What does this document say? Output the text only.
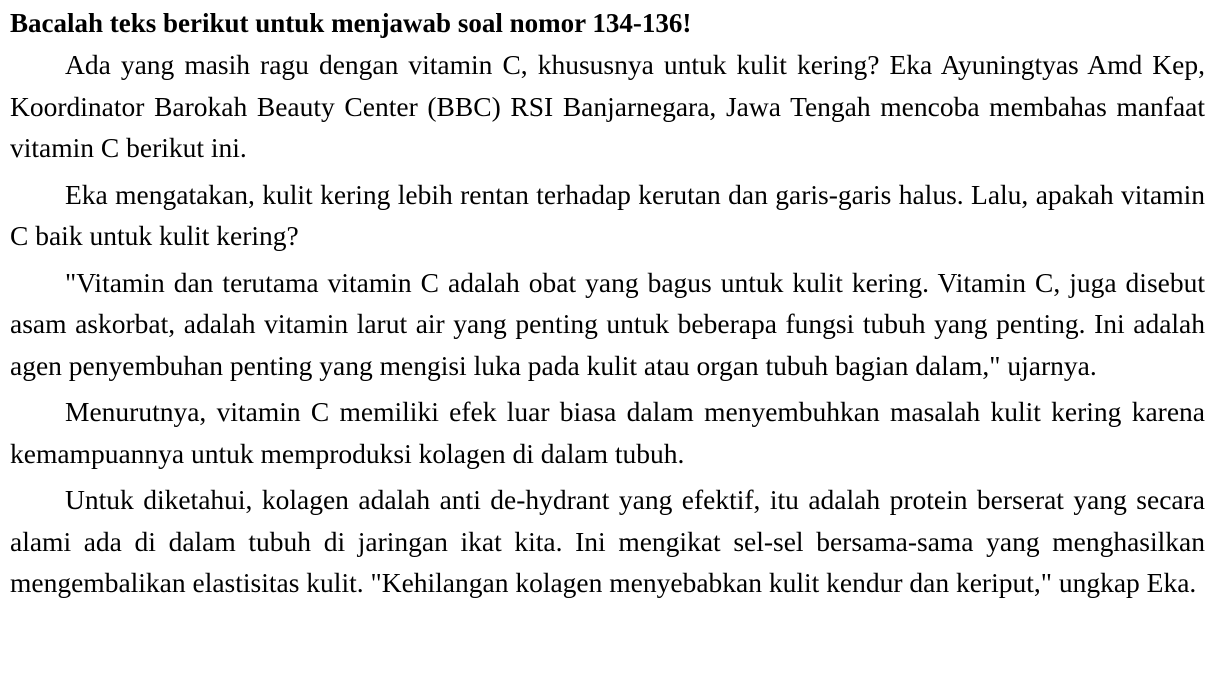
Bacalah teks berikut untuk menjawab soal nomor 134-136!

Ada yang masih ragu dengan vitamin C, khususnya untuk kulit kering? Eka Ayuningtyas Amd Kep, Koordinator Barokah Beauty Center (BBC) RSI Banjarnegara, Jawa Tengah mencoba membahas manfaat vitamin C berikut ini.

Eka mengatakan, kulit kering lebih rentan terhadap kerutan dan garis-garis halus. Lalu, apakah vitamin C baik untuk kulit kering?

"Vitamin dan terutama vitamin C adalah obat yang bagus untuk kulit kering. Vitamin C, juga disebut asam askorbat, adalah vitamin larut air yang penting untuk beberapa fungsi tubuh yang penting. Ini adalah agen penyembuhan penting yang mengisi luka pada kulit atau organ tubuh bagian dalam," ujarnya.

Menurutnya, vitamin C memiliki efek luar biasa dalam menyembuhkan masalah kulit kering karena kemampuannya untuk memproduksi kolagen di dalam tubuh.

Untuk diketahui, kolagen adalah anti de-hydrant yang efektif, itu adalah protein berserat yang secara alami ada di dalam tubuh di jaringan ikat kita. Ini mengikat sel-sel bersama-sama yang menghasilkan mengembalikan elastisitas kulit. "Kehilangan kolagen menyebabkan kulit kendur dan keriput," ungkap Eka.
